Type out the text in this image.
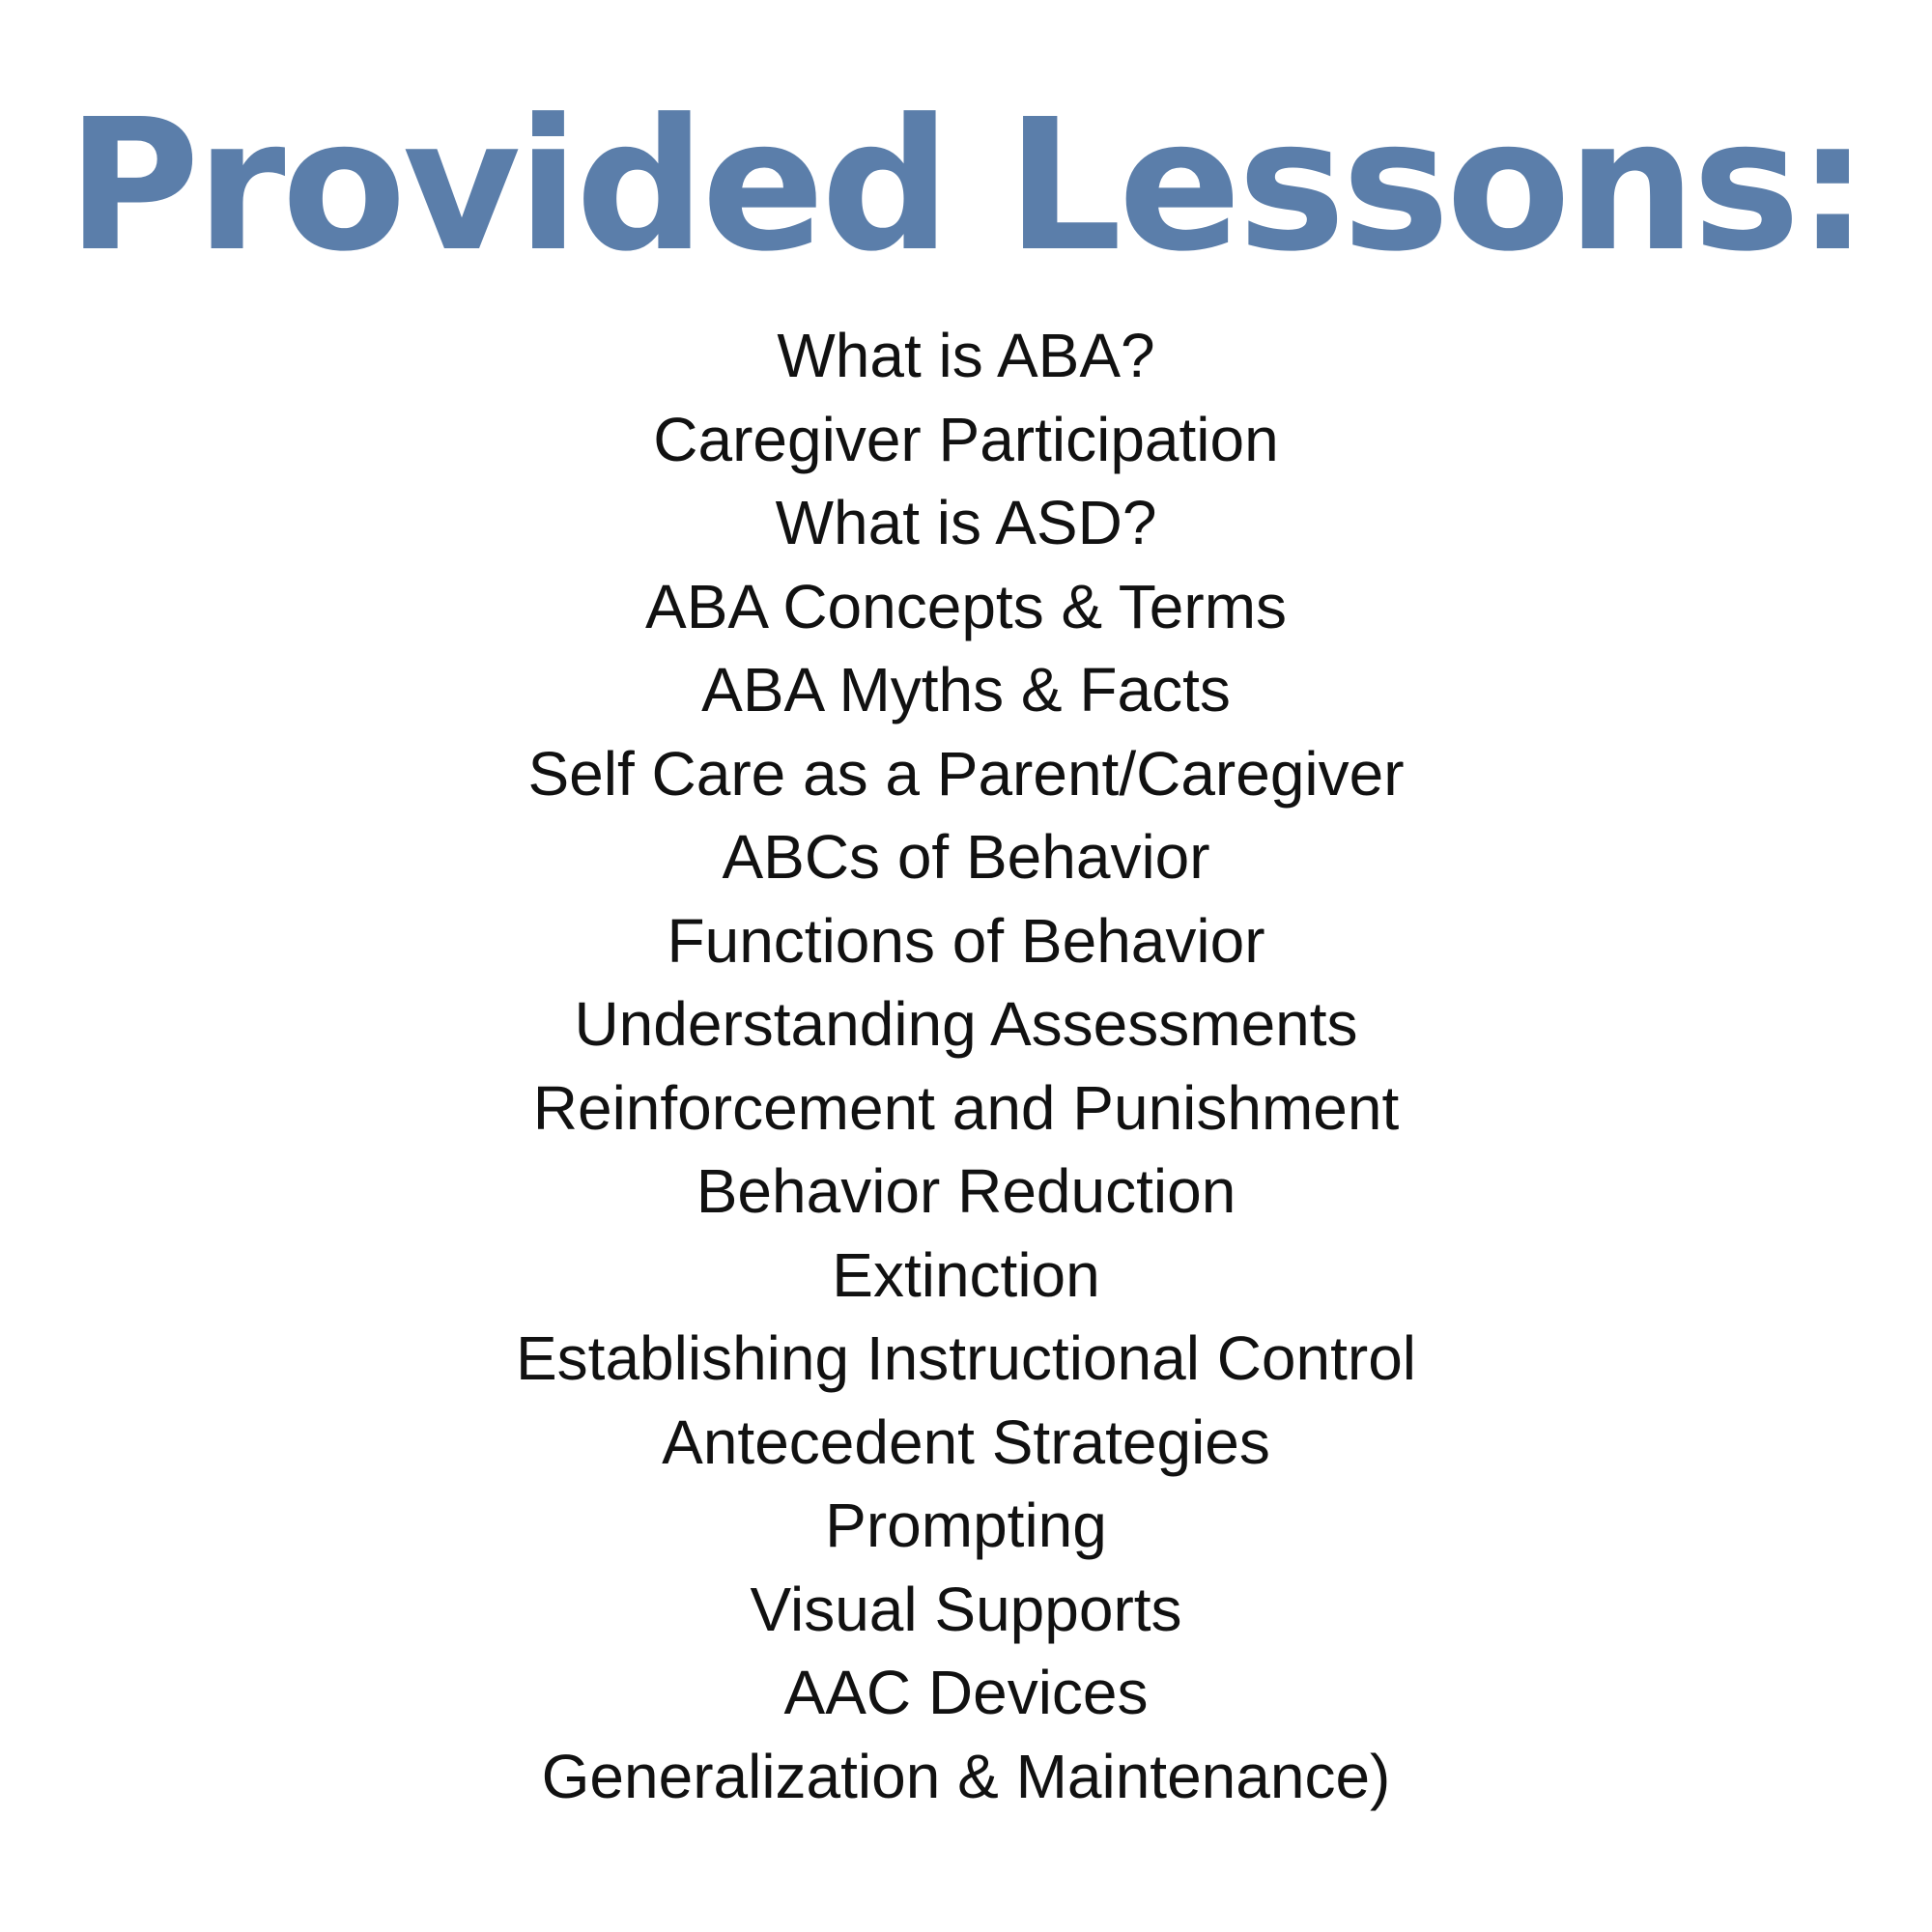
Provided Lessons:
What is ABA?
Caregiver Participation
What is ASD?
ABA Concepts & Terms
ABA Myths & Facts
Self Care as a Parent/Caregiver
ABCs of Behavior
Functions of Behavior
Understanding Assessments
Reinforcement and Punishment
Behavior Reduction
Extinction
Establishing Instructional Control
Antecedent Strategies
Prompting
Visual Supports
AAC Devices
Generalization & Maintenance)
